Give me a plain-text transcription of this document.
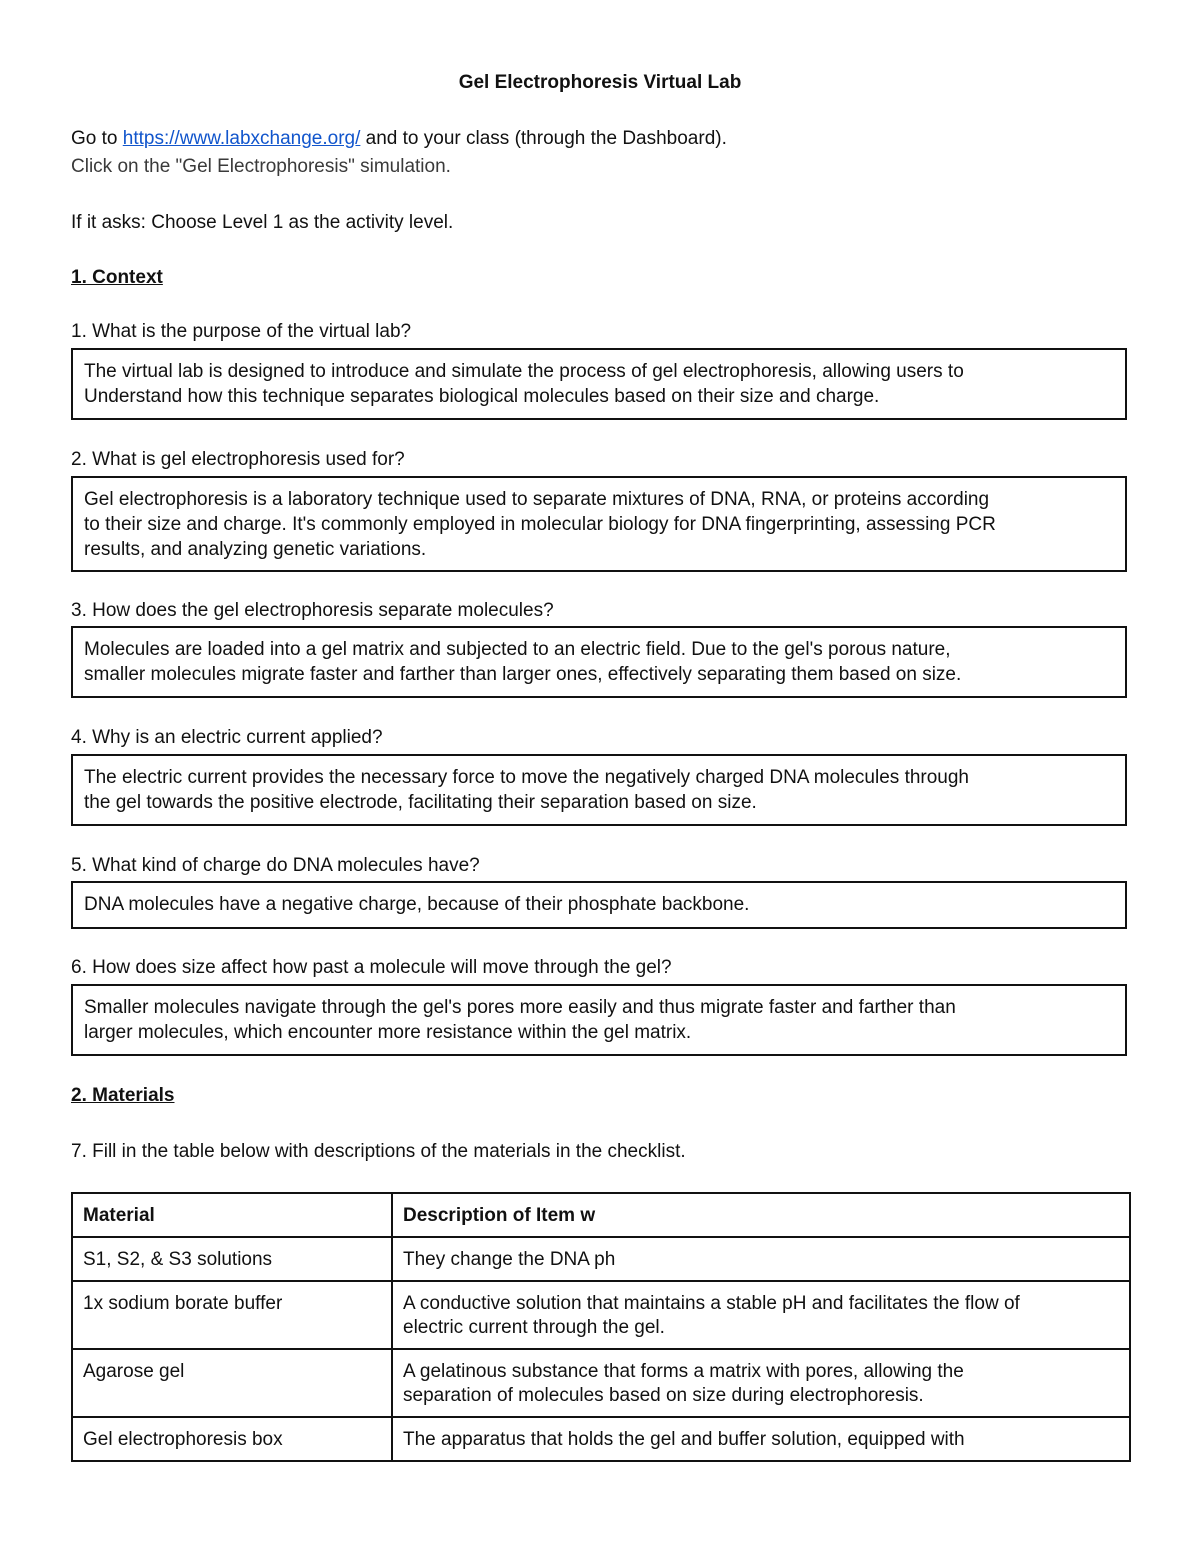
Gel Electrophoresis Virtual Lab
Go to https://www.labxchange.org/ and to your class (through the Dashboard).
Click on the "Gel Electrophoresis" simulation.
If it asks: Choose Level 1 as the activity level.
1. Context
1. What is the purpose of the virtual lab?

The virtual lab is designed to introduce and simulate the process of gel electrophoresis, allowing users to
Understand how this technique separates biological molecules based on their size and charge.

2. What is gel electrophoresis used for?

Gel electrophoresis is a laboratory technique used to separate mixtures of DNA, RNA, or proteins according
to their size and charge. It's commonly employed in molecular biology for DNA fingerprinting, assessing PCR
results, and analyzing genetic variations.

3. How does the gel electrophoresis separate molecules?

Molecules are loaded into a gel matrix and subjected to an electric field. Due to the gel's porous nature,
smaller molecules migrate faster and farther than larger ones, effectively separating them based on size.

4. Why is an electric current applied?

The electric current provides the necessary force to move the negatively charged DNA molecules through
the gel towards the positive electrode, facilitating their separation based on size.

5. What kind of charge do DNA molecules have?

DNA molecules have a negative charge, because of their phosphate backbone.

6. How does size affect how past a molecule will move through the gel?

Smaller molecules navigate through the gel's pores more easily and thus migrate faster and farther than
larger molecules, which encounter more resistance within the gel matrix.

2. Materials
7. Fill in the table below with descriptions of the materials in the checklist.
Material	Description of Item w
S1, S2, & S3 solutions	They change the DNA ph
1x sodium borate buffer	A conductive solution that maintains a stable pH and facilitates the flow of
electric current through the gel.
Agarose gel	A gelatinous substance that forms a matrix with pores, allowing the
separation of molecules based on size during electrophoresis.
Gel electrophoresis box	The apparatus that holds the gel and buffer solution, equipped with
